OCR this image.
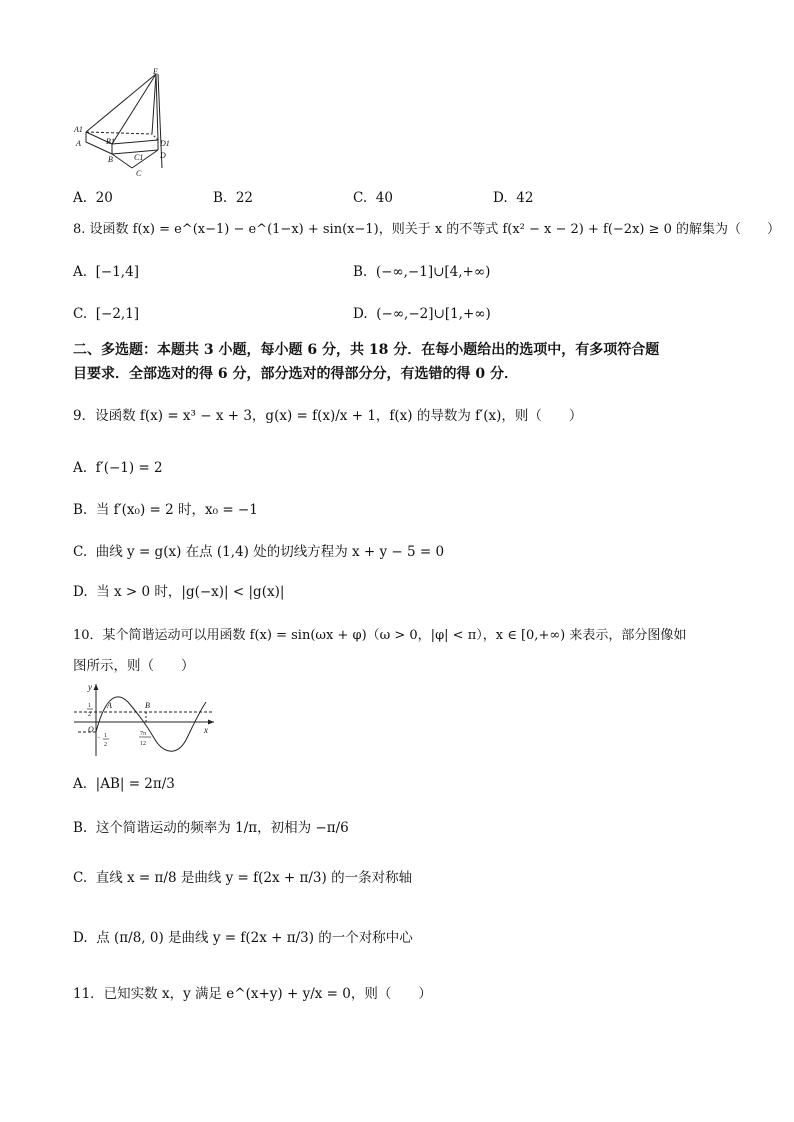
E
A1
A	B1
B	C1
C
D1
D
A. 20	B. 22	C. 40	D. 42
8. 设函数 f(x) = e^(x−1) − e^(1−x) + sin(x−1)，则关于 x 的不等式 f(x² − x − 2) + f(−2x) ≥ 0 的解集为（　　）
A. [−1,4]	B. (−∞,−1]∪[4,+∞)
C. [−2,1]	D. (−∞,−2]∪[1,+∞)
二、多选题：本题共 3 小题，每小题 6 分，共 18 分．在每小题给出的选项中，有多项符合题
目要求．全部选对的得 6 分，部分选对的得部分分，有选错的得 0 分．
9．设函数 f(x) = x³ − x + 3，g(x) = f(x)/x + 1，f(x) 的导数为 f′(x)，则（　　）
A. f′(−1) = 2
B. 当 f′(x₀) = 2 时，x₀ = −1
C. 曲线 y = g(x) 在点 (1,4) 处的切线方程为 x + y − 5 = 0
D. 当 x > 0 时，|g(−x)| < |g(x)|
10．某个简谐运动可以用函数 f(x) = sin(ωx + φ)（ω > 0，|φ| < π），x ∈ [0,+∞) 来表示，部分图像如
图所示，则（　　）
y
x
O
A	B
1
2
− 1
2
7π
12
A. |AB| = 2π/3
B. 这个简谐运动的频率为 1/π，初相为 −π/6
C. 直线 x = π/8 是曲线 y = f(2x + π/3) 的一条对称轴
D. 点 (π/8, 0) 是曲线 y = f(2x + π/3) 的一个对称中心
11．已知实数 x，y 满足 e^(x+y) + y/x = 0，则（　　）
